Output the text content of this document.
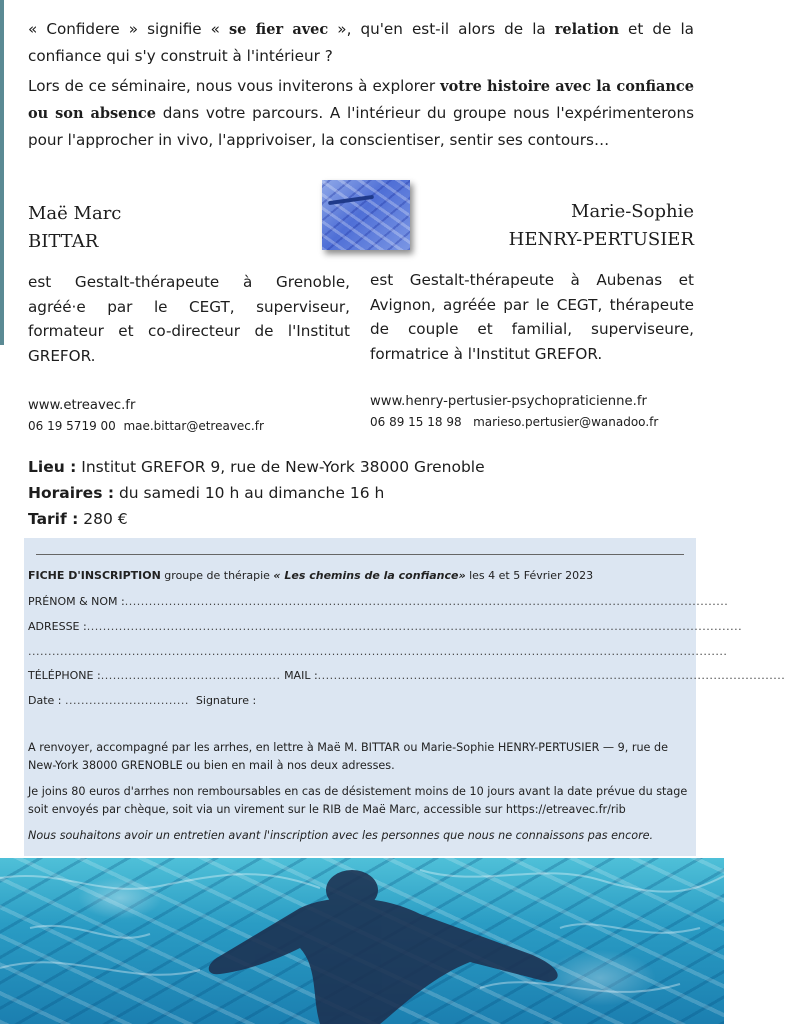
« Confidere » signifie « se fier avec », qu'en est-il alors de la relation et de la confiance qui s'y construit à l'intérieur ?

Lors de ce séminaire, nous vous inviterons à explorer votre histoire avec la confiance ou son absence dans votre parcours. A l'intérieur du groupe nous l'expérimenterons pour l'approcher in vivo, l'apprivoiser, la conscientiser, sentir ses contours…

Maë Marc
BITTAR
Marie-Sophie
HENRY-PERTUSIER
est Gestalt-thérapeute à Grenoble, agréé·e par le CEGT, superviseur, formateur et co-directeur de l'Institut GREFOR.
est Gestalt-thérapeute à Aubenas et Avignon, agréée par le CEGT, thérapeute de couple et familial, superviseure, formatrice à l'Institut GREFOR.
www.etreavec.fr
06 19 5719 00 mae.bittar@etreavec.fr
www.henry-pertusier-psychopraticienne.fr
06 89 15 18 98 marieso.pertusier@wanadoo.fr
Lieu : Institut GREFOR 9, rue de New-York 38000 Grenoble
Horaires : du samedi 10 h au dimanche 16 h
Tarif : 280 €
FICHE D'INSCRIPTION groupe de thérapie « Les chemins de la confiance» les 4 et 5 Février 2023
PRÉNOM & NOM :.......................................................................................................................................................
ADRESSE :....................................................................................................................................................................
...............................................................................................................................................................................
TÉLÉPHONE :............................................. MAIL :.....................................................................................................................
Date : ............................... Signature :
A renvoyer, accompagné par les arrhes, en lettre à Maë M. BITTAR ou Marie-Sophie HENRY-PERTUSIER — 9, rue de New-York 38000 GRENOBLE ou bien en mail à nos deux adresses.
Je joins 80 euros d'arrhes non remboursables en cas de désistement moins de 10 jours avant la date prévue du stage soit envoyés par chèque, soit via un virement sur le RIB de Maë Marc, accessible sur https://etreavec.fr/rib
Nous souhaitons avoir un entretien avant l'inscription avec les personnes que nous ne connaissons pas encore.
